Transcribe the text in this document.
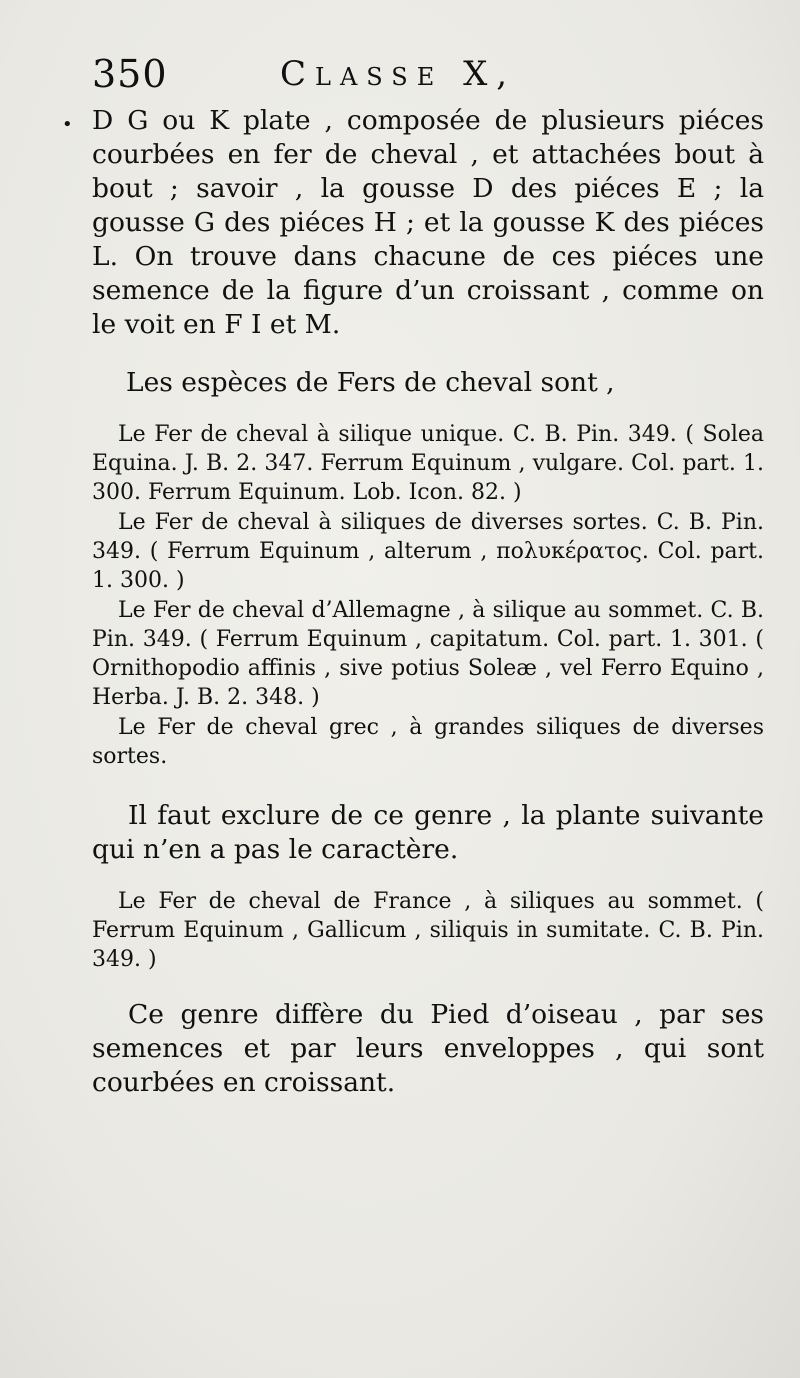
350	Classe X,
• D G ou K plate , composée de plusieurs piéces courbées en fer de cheval , et attachées bout à bout ; savoir , la gousse D des piéces E ; la gousse G des piéces H ; et la gousse K des piéces L. On trouve dans chacune de ces piéces une semence de la figure d’un croissant , comme on le voit en F I et M.

Les espèces de Fers de cheval sont ,

Le Fer de cheval à silique unique. C. B. Pin. 349. ( Solea Equina. J. B. 2. 347. Ferrum Equinum , vulgare. Col. part. 1. 300. Ferrum Equinum. Lob. Icon. 82. )

Le Fer de cheval à siliques de diverses sortes. C. B. Pin. 349. ( Ferrum Equinum , alterum , πολυκέρατος. Col. part. 1. 300. )

Le Fer de cheval d’Allemagne , à silique au sommet. C. B. Pin. 349. ( Ferrum Equinum , capitatum. Col. part. 1. 301. ( Ornithopodio affinis , sive potius Soleæ , vel Ferro Equino , Herba. J. B. 2. 348. )

Le Fer de cheval grec , à grandes siliques de diverses sortes.

Il faut exclure de ce genre , la plante suivante qui n’en a pas le caractère.

Le Fer de cheval de France , à siliques au sommet. ( Ferrum Equinum , Gallicum , siliquis in sumitate. C. B. Pin. 349. )

Ce genre diffère du Pied d’oiseau , par ses semences et par leurs enveloppes , qui sont courbées en croissant.
